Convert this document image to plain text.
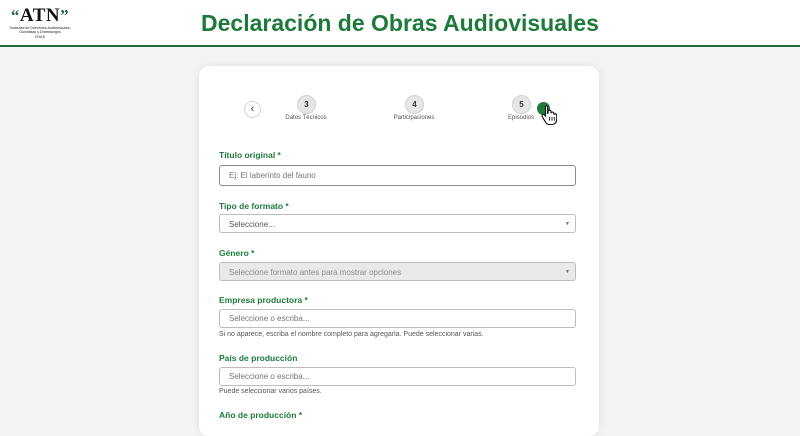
“ATN”
Sociedad de Directores Audiovisuales,
Guionistas y Dramaturgos
CHILE
Declaración de Obras Audiovisuales
‹	3
Datos Técnicos
4
Participaciones
5
Episodios
Título original *
Ej: El laberinto del fauno
Tipo de formato *
Seleccione...	▼
Género *
Seleccione formato antes para mostrar opciones	▼
Empresa productora *
Seleccione o escriba...
Si no aparece, escriba el nombre completo para agregarla. Puede seleccionar varias.
País de producción
Seleccione o escriba...
Puede seleccionar varios países.
Año de producción *
